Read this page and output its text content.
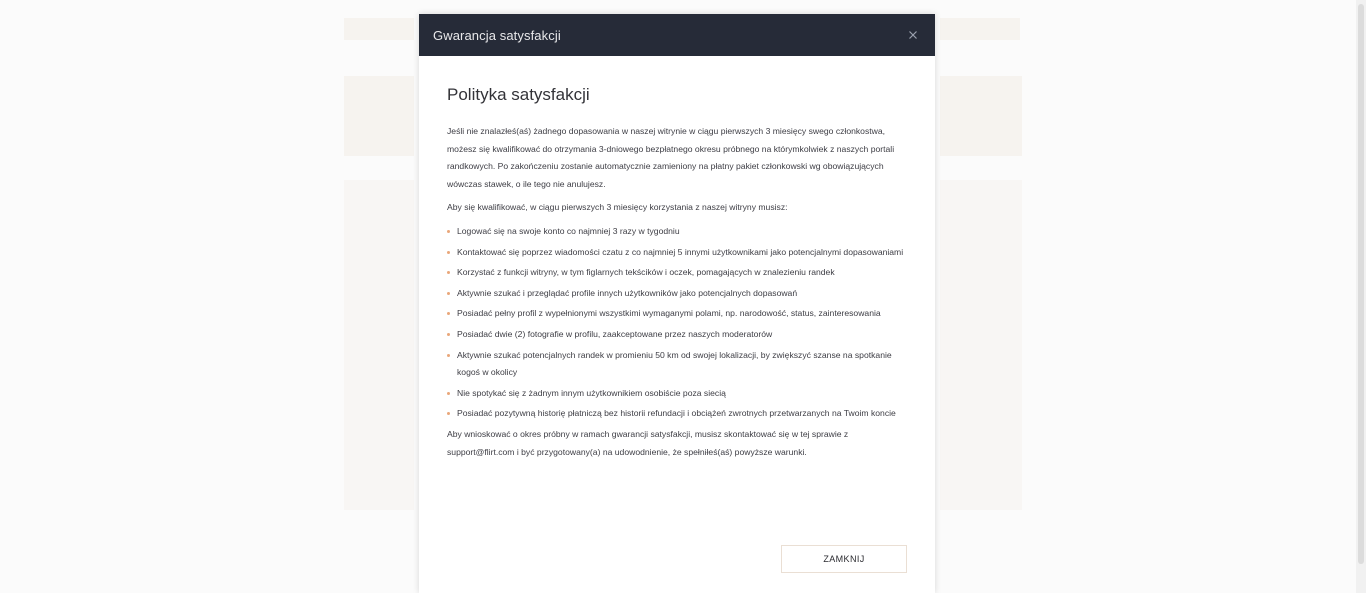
Gwarancja satysfakcji
Polityka satysfakcji

Jeśli nie znalazłeś(aś) żadnego dopasowania w naszej witrynie w ciągu pierwszych 3 miesięcy swego członkostwa, możesz się kwalifikować do otrzymania 3-dniowego bezpłatnego okresu próbnego na którymkolwiek z naszych portali randkowych. Po zakończeniu zostanie automatycznie zamieniony na płatny pakiet członkowski wg obowiązujących wówczas stawek, o ile tego nie anulujesz.

Aby się kwalifikować, w ciągu pierwszych 3 miesięcy korzystania z naszej witryny musisz:

Logować się na swoje konto co najmniej 3 razy w tygodniu
Kontaktować się poprzez wiadomości czatu z co najmniej 5 innymi użytkownikami jako potencjalnymi dopasowaniami
Korzystać z funkcji witryny, w tym figlarnych tekścików i oczek, pomagających w znalezieniu randek
Aktywnie szukać i przeglądać profile innych użytkowników jako potencjalnych dopasowań
Posiadać pełny profil z wypełnionymi wszystkimi wymaganymi polami, np. narodowość, status, zainteresowania
Posiadać dwie (2) fotografie w profilu, zaakceptowane przez naszych moderatorów
Aktywnie szukać potencjalnych randek w promieniu 50 km od swojej lokalizacji, by zwiększyć szanse na spotkanie kogoś w okolicy
Nie spotykać się z żadnym innym użytkownikiem osobiście poza siecią
Posiadać pozytywną historię płatniczą bez historii refundacji i obciążeń zwrotnych przetwarzanych na Twoim koncie

Aby wnioskować o okres próbny w ramach gwarancji satysfakcji, musisz skontaktować się w tej sprawie z support@flirt.com i być przygotowany(a) na udowodnienie, że spełniłeś(aś) powyższe warunki.

ZAMKNIJ
